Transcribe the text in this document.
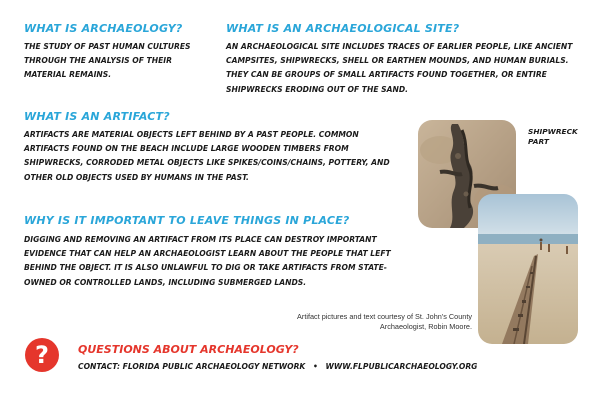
WHAT IS ARCHAEOLOGY?
THE STUDY OF PAST HUMAN CULTURES THROUGH THE ANALYSIS OF THEIR MATERIAL REMAINS.
WHAT IS AN ARCHAEOLOGICAL SITE?
AN ARCHAEOLOGICAL SITE INCLUDES TRACES OF EARLIER PEOPLE, LIKE ANCIENT CAMPSITES, SHIPWRECKS, SHELL OR EARTHEN MOUNDS, AND HUMAN BURIALS. THEY CAN BE GROUPS OF SMALL ARTIFACTS FOUND TOGETHER, OR ENTIRE SHIPWRECKS ERODING OUT OF THE SAND.
WHAT IS AN ARTIFACT?
ARTIFACTS ARE MATERIAL OBJECTS LEFT BEHIND BY A PAST PEOPLE. COMMON ARTIFACTS FOUND ON THE BEACH INCLUDE LARGE WOODEN TIMBERS FROM SHIPWRECKS, CORRODED METAL OBJECTS LIKE SPIKES/COINS/CHAINS, POTTERY, AND OTHER OLD OBJECTS USED BY HUMANS IN THE PAST.
WHY IS IT IMPORTANT TO LEAVE THINGS IN PLACE?
DIGGING AND REMOVING AN ARTIFACT FROM ITS PLACE CAN DESTROY IMPORTANT EVIDENCE THAT CAN HELP AN ARCHAEOLOGIST LEARN ABOUT THE PEOPLE THAT LEFT BEHIND THE OBJECT. IT IS ALSO UNLAWFUL TO DIG OR TAKE ARTIFACTS FROM STATE-OWNED OR CONTROLLED LANDS, INCLUDING SUBMERGED LANDS.
SHIPWRECK PART
Artifact pictures and text courtesy of St. John's County Archaeologist, Robin Moore.
?	QUESTIONS ABOUT ARCHAEOLOGY?
CONTACT: FLORIDA PUBLIC ARCHAEOLOGY NETWORK • WWW.FLPUBLICARCHAEOLOGY.ORG
